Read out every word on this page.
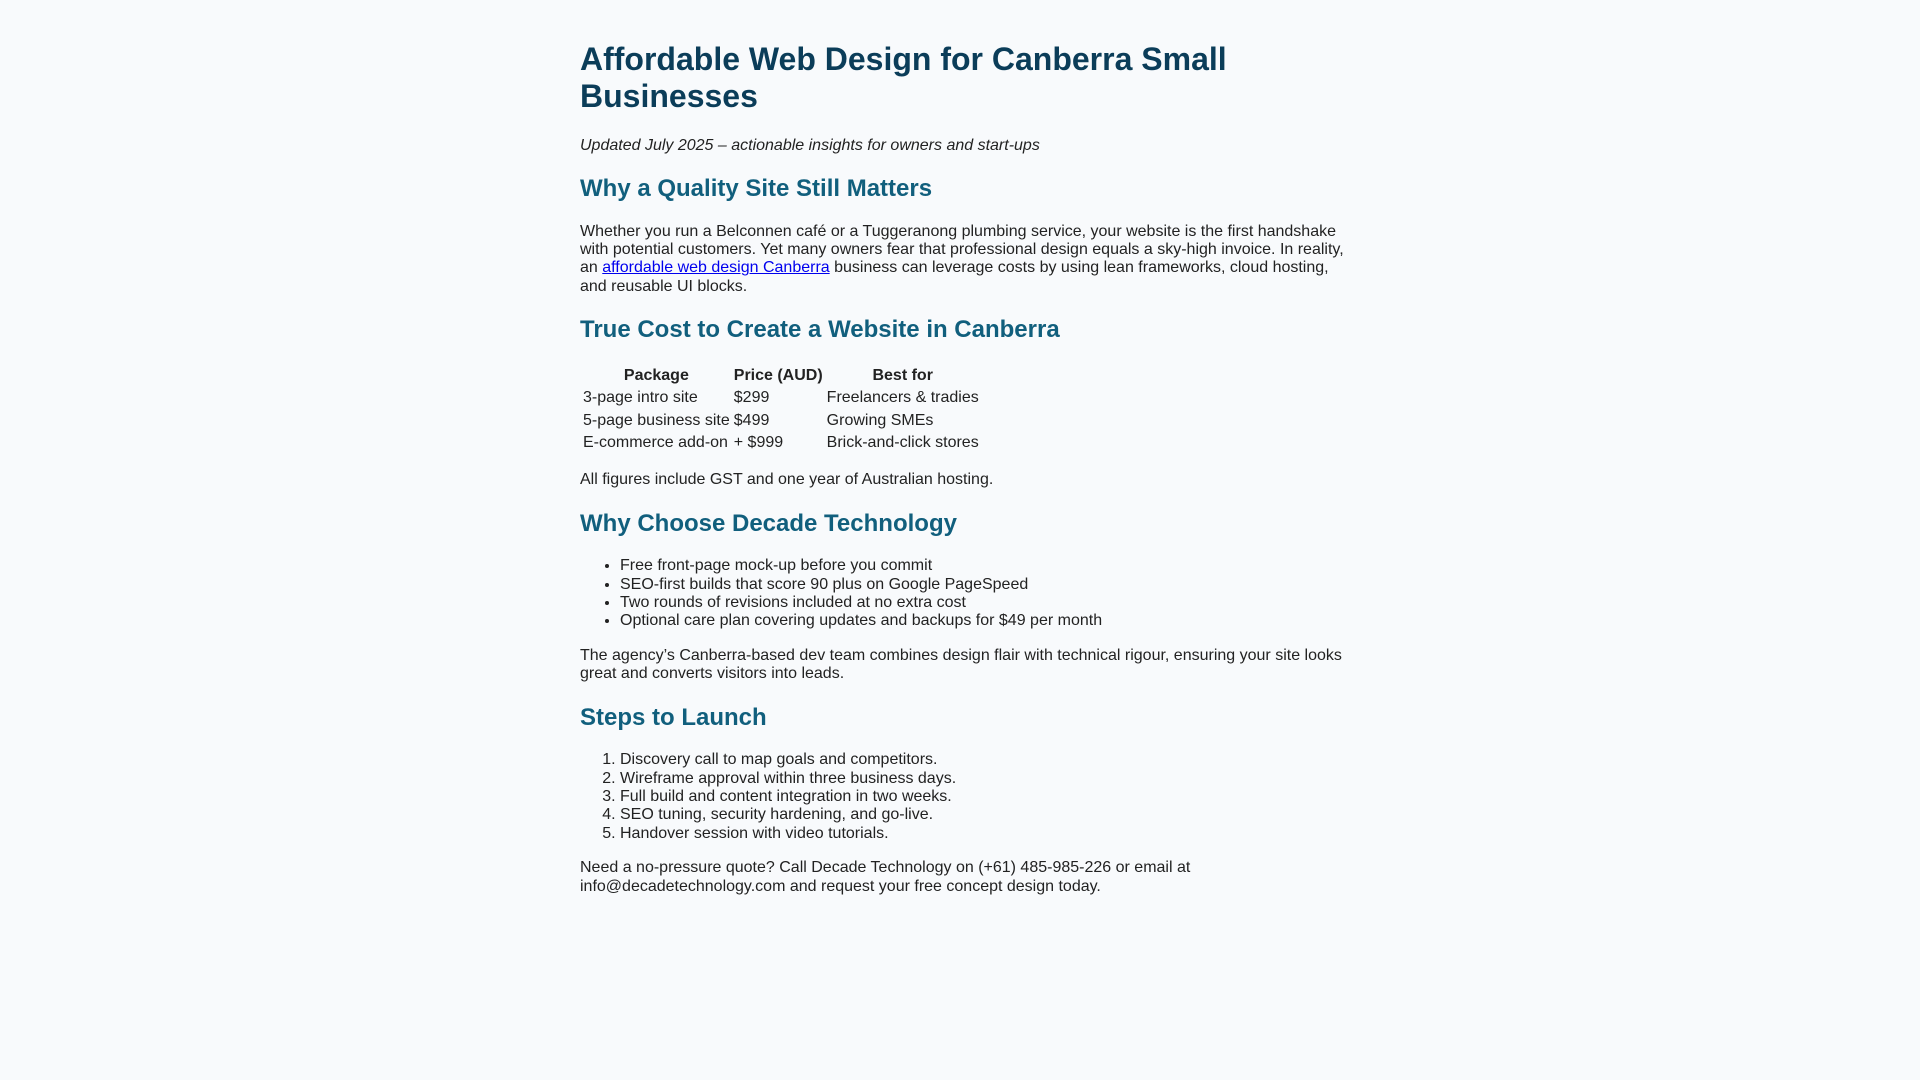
Affordable Web Design for Canberra Small Businesses

Updated July 2025 – actionable insights for owners and start-ups

Why a Quality Site Still Matters

Whether you run a Belconnen café or a Tuggeranong plumbing service, your website is the first handshake with potential customers. Yet many owners fear that professional design equals a sky-high invoice. In reality, an affordable web design Canberra business can leverage costs by using lean frameworks, cloud hosting, and reusable UI blocks.

True Cost to Create a Website in Canberra
Package	Price (AUD)	Best for
3-page intro site	$299	Freelancers & tradies
5-page business site	$499	Growing SMEs
E-commerce add-on	+ $999	Brick-and-click stores

All figures include GST and one year of Australian hosting.

Why Choose Decade Technology
• Free front-page mock-up before you commit
• SEO-first builds that score 90 plus on Google PageSpeed
• Two rounds of revisions included at no extra cost
• Optional care plan covering updates and backups for $49 per month

The agency’s Canberra-based dev team combines design flair with technical rigour, ensuring your site looks great and converts visitors into leads.

Steps to Launch
1. Discovery call to map goals and competitors.
2. Wireframe approval within three business days.
3. Full build and content integration in two weeks.
4. SEO tuning, security hardening, and go-live.
5. Handover session with video tutorials.

Need a no-pressure quote? Call Decade Technology on (+61) 485-985-226 or email at info@decadetechnology.com and request your free concept design today.
